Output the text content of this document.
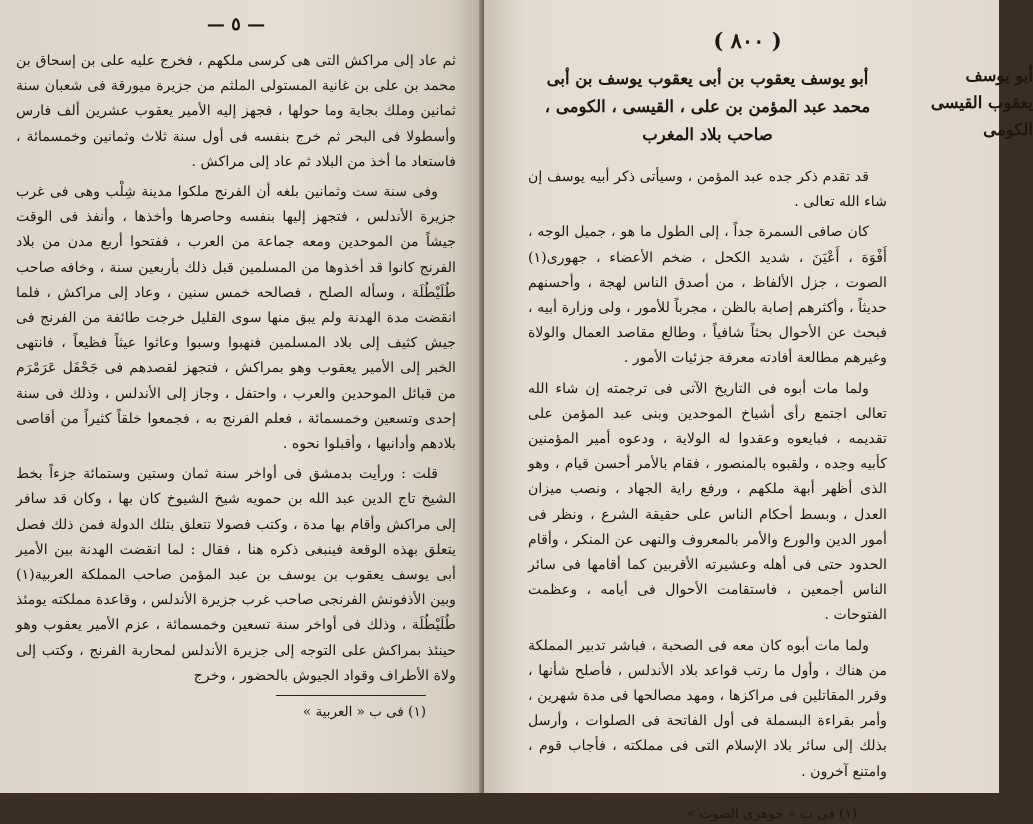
— ٥ —

ثم عاد إلى مراكش التى هى كرسى ملكهم ، فخرج عليه على بن إسحاق بن محمد بن على بن غانية المستولى الملثم من جزيرة ميورقة فى شعبان سنة ثمانين وملك بجاية وما حولها ، فجهز إليه الأمير يعقوب عشرين ألف فارس وأسطولا فى البحر ثم خرج بنفسه فى أول سنة ثلاث وثمانين وخمسمائة ، فاستعاد ما أخذ من البلاد ثم عاد إلى مراكش .

وفى سنة ست وثمانين بلغه أن الفرنج ملكوا مدينة شِلْب وهى فى غرب جزيرة الأندلس ، فتجهز إليها بنفسه وحاصرها وأخذها ، وأنفذ فى الوقت جيشاً من الموحدين ومعه جماعة من العرب ، ففتحوا أربع مدن من بلاد الفرنج كانوا قد أخذوها من المسلمين قبل ذلك بأربعين سنة ، وخافه صاحب طُلَيْطُلَة ، وسأله الصلح ، فصالحه خمس سنين ، وعاد إلى مراكش ، فلما انقضت مدة الهدنة ولم يبق منها سوى القليل خرجت طائفة من الفرنج فى جيش كثيف إلى بلاد المسلمين فنهبوا وسبوا وعاثوا عيثاً فظيعاً ، فانتهى الخبر إلى الأمير يعقوب وهو بمراكش ، فتجهز لقصدهم فى جَحْفَل عَرَمْرَم من قبائل الموحدين والعرب ، واحتفل ، وجاز إلى الأندلس ، وذلك فى سنة إحدى وتسعين وخمسمائة ، فعلم الفرنج به ، فجمعوا خلقاً كثيراً من أقاصى بلادهم وأدانيها ، وأقبلوا نحوه .

قلت : ورأيت بدمشق فى أواخر سنة ثمان وستين وستمائة جزءاً بخط الشيخ تاج الدين عبد الله بن حمويه شيخ الشيوخ كان بها ، وكان قد سافر إلى مراكش وأقام بها مدة ، وكتب فصولا تتعلق بتلك الدولة فمن ذلك فصل يتعلق بهذه الوقعة فينبغى ذكره هنا ، فقال : لما انقضت الهدنة بين الأمير أبى يوسف يعقوب بن يوسف بن عبد المؤمن صاحب المملكة العربية(١) وبين الأذفونش الفرنجى صاحب غرب جزيرة الأندلس ، وقاعدة مملكته يومئذ طُلَيْطُلَة ، وذلك فى أواخر سنة تسعين وخمسمائة ، عزم الأمير يعقوب وهو حينئذ بمراكش على التوجه إلى جزيرة الأندلس لمحاربة الفرنج ، وكتب إلى ولاة الأطراف وقواد الجيوش بالحضور ، وخرج

(١) فى ب « العربية »
أبو يوسف
يعقوب القيسى
الكومى
( ٨٠٠ )
أبو يوسف يعقوب بن أبى يعقوب يوسف بن أبى محمد عبد المؤمن بن على ، القيسى ، الكومى ، صاحب بلاد المغرب

قد تقدم ذكر جده عبد المؤمن ، وسيأتى ذكر أبيه يوسف إن شاء الله تعالى .

كان صافى السمرة جداً ، إلى الطول ما هو ، جميل الوجه ، أَفْوَهَ ، أَعْيَنَ ، شديد الكحل ، ضخم الأعضاء ، جهورى(١) الصوت ، جزل الألفاظ ، من أصدق الناس لهجة ، وأحسنهم حديثاً ، وأكثرهم إصابة بالظن ، مجرباً للأمور ، ولى وزارة أبيه ، فبحث عن الأحوال بحثاً شافياً ، وطالع مقاصد العمال والولاة وغيرهم مطالعة أفادته معرفة جزئيات الأمور .

ولما مات أبوه فى التاريخ الآتى فى ترجمته إن شاء الله تعالى اجتمع رأى أشياخ الموحدين وبنى عبد المؤمن على تقديمه ، فبايعوه وعقدوا له الولاية ، ودعوه أمير المؤمنين كأبيه وجده ، ولقبوه بالمنصور ، فقام بالأمر أحسن قيام ، وهو الذى أظهر أبهة ملكهم ، ورفع راية الجهاد ، ونصب ميزان العدل ، وبسط أحكام الناس على حقيقة الشرع ، ونظر فى أمور الدين والورع والأمر بالمعروف والنهى عن المنكر ، وأقام الحدود حتى فى أهله وعشيرته الأقربين كما أقامها فى سائر الناس أجمعين ، فاستقامت الأحوال فى أيامه ، وعظمت الفتوحات .

ولما مات أبوه كان معه فى الصحبة ، فباشر تدبير المملكة من هناك ، وأول ما رتب قواعد بلاد الأندلس ، فأصلح شأنها ، وقرر المقاتلين فى مراكزها ، ومهد مصالحها فى مدة شهرين ، وأمر بقراءة البسملة فى أول الفاتحة فى الصلوات ، وأرسل بذلك إلى سائر بلاد الإسلام التى فى مملكته ، فأجاب قوم ، وامتنع آخرون .

(١) فى ب « جوهرى الصوت »
